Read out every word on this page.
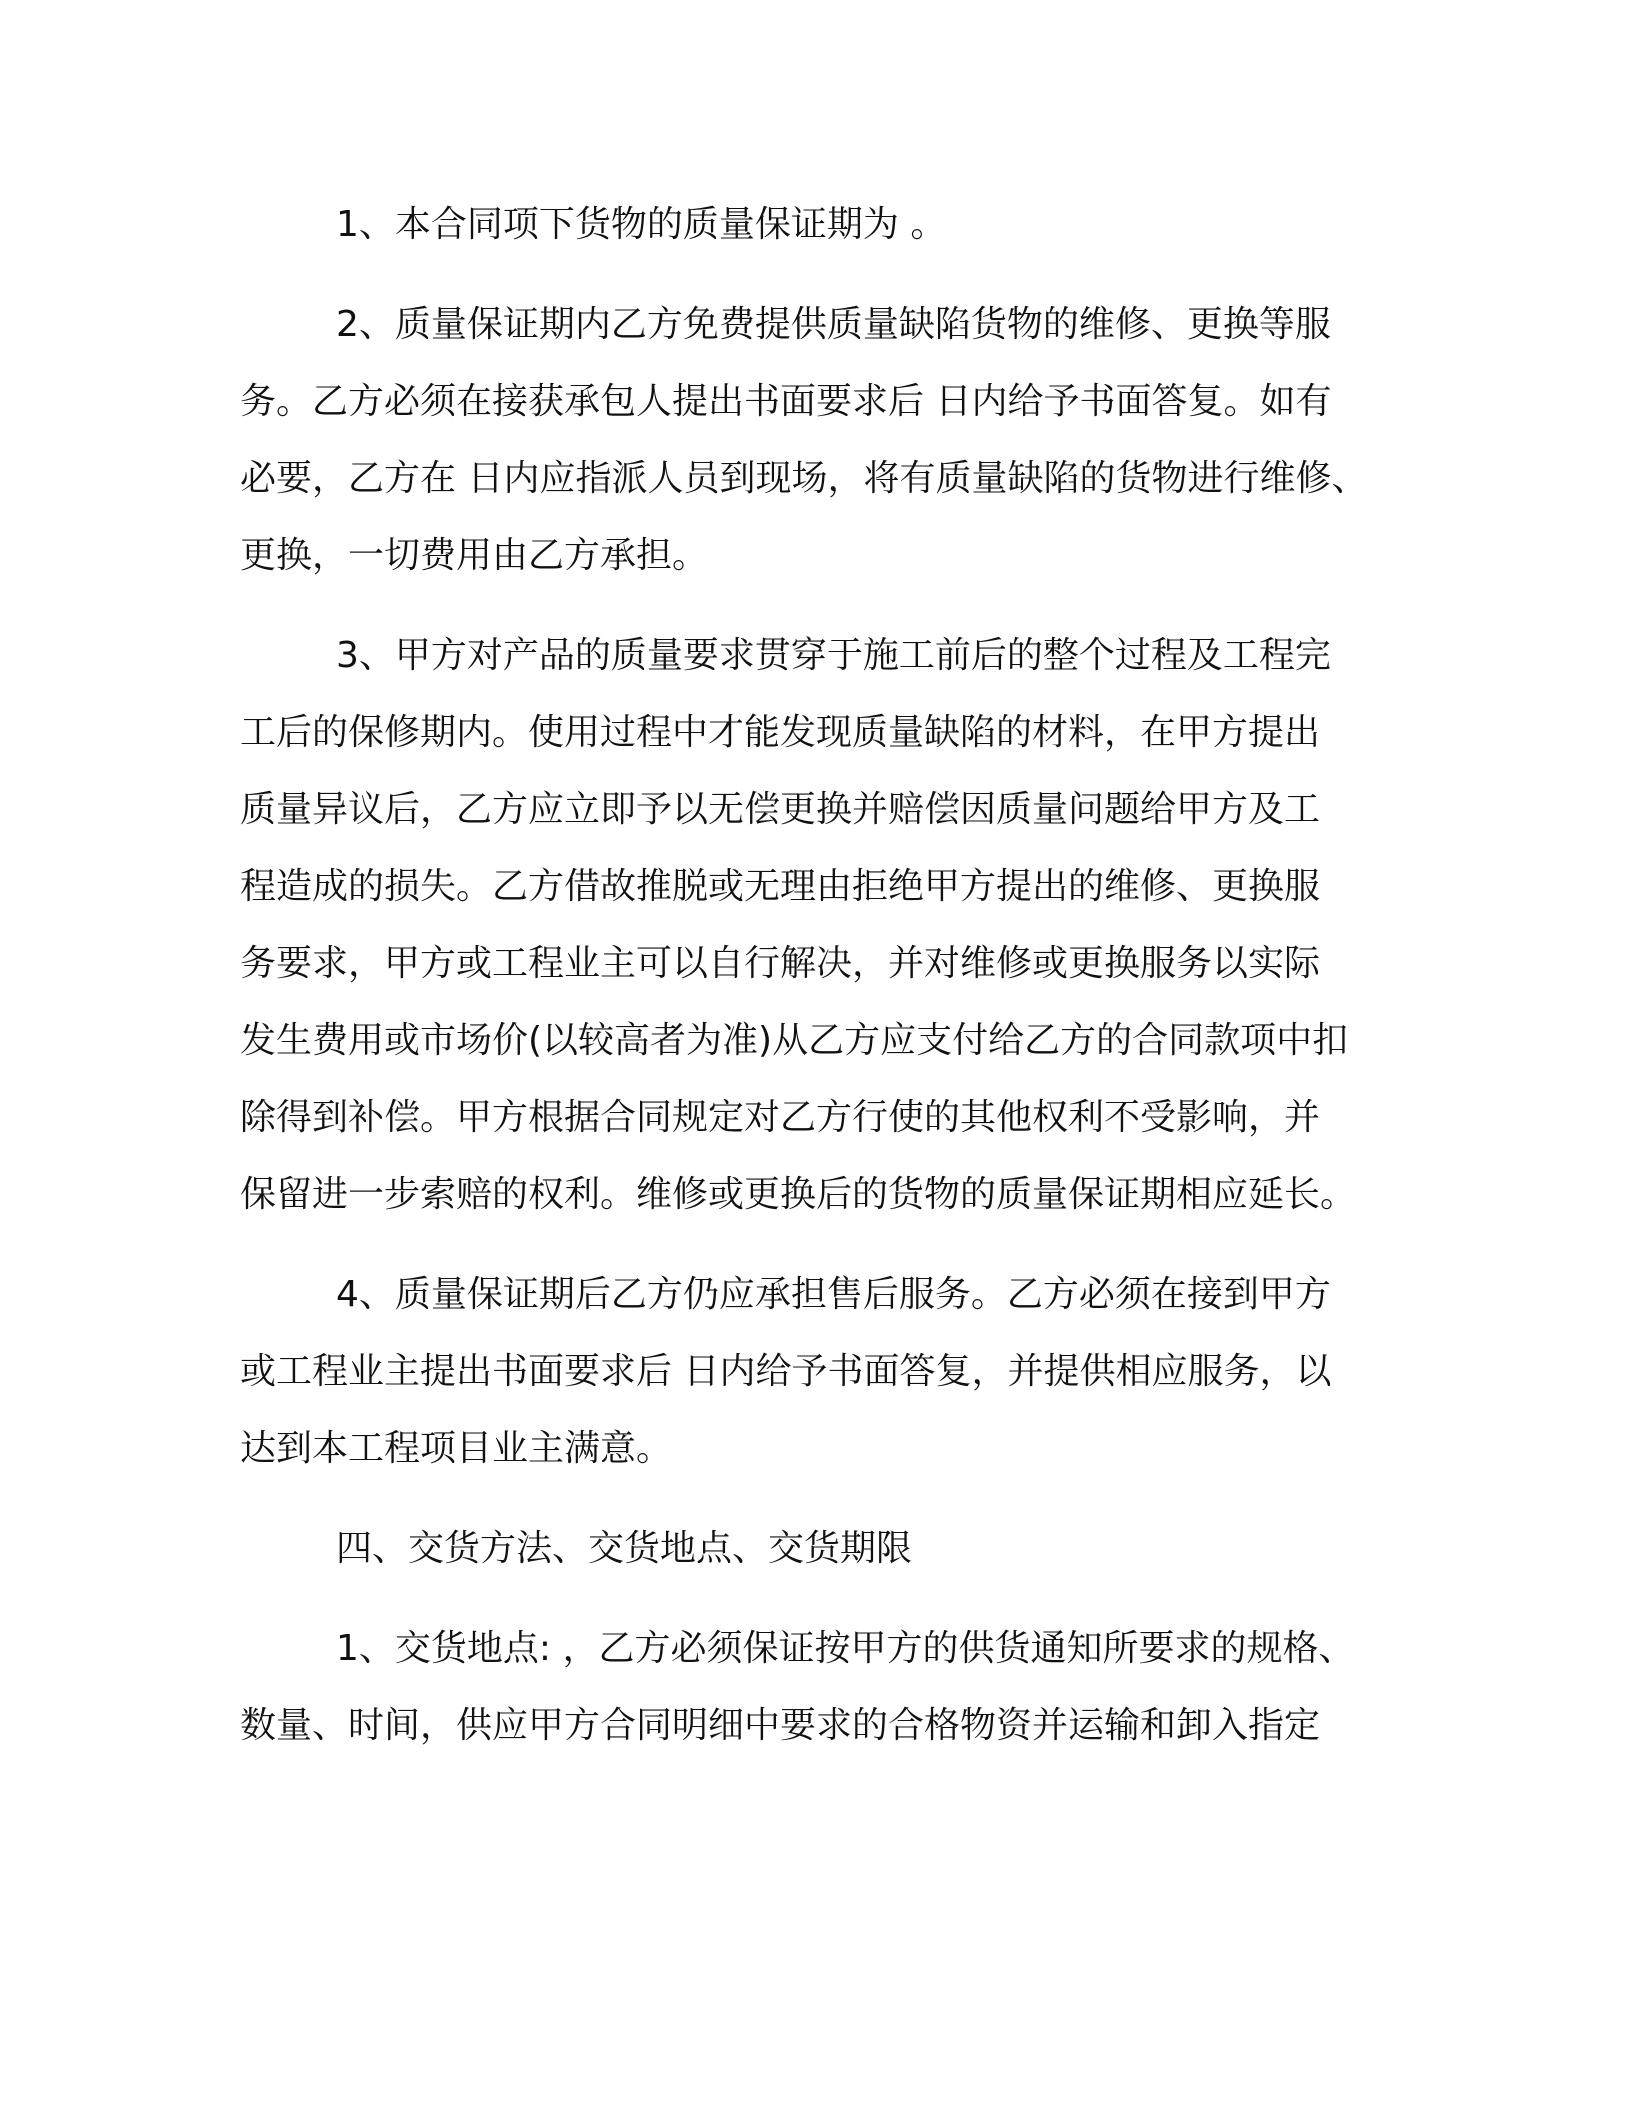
1、本合同项下货物的质量保证期为 。

2、质量保证期内乙方免费提供质量缺陷货物的维修、更换等服
务。乙方必须在接获承包人提出书面要求后 日内给予书面答复。如有
必要，乙方在 日内应指派人员到现场，将有质量缺陷的货物进行维修、
更换，一切费用由乙方承担。

3、甲方对产品的质量要求贯穿于施工前后的整个过程及工程完
工后的保修期内。使用过程中才能发现质量缺陷的材料，在甲方提出
质量异议后，乙方应立即予以无偿更换并赔偿因质量问题给甲方及工
程造成的损失。乙方借故推脱或无理由拒绝甲方提出的维修、更换服
务要求，甲方或工程业主可以自行解决，并对维修或更换服务以实际
发生费用或市场价(以较高者为准)从乙方应支付给乙方的合同款项中扣
除得到补偿。甲方根据合同规定对乙方行使的其他权利不受影响，并
保留进一步索赔的权利。维修或更换后的货物的质量保证期相应延长。

4、质量保证期后乙方仍应承担售后服务。乙方必须在接到甲方
或工程业主提出书面要求后 日内给予书面答复，并提供相应服务，以
达到本工程项目业主满意。

四、交货方法、交货地点、交货期限

1、交货地点: ，乙方必须保证按甲方的供货通知所要求的规格、
数量、时间，供应甲方合同明细中要求的合格物资并运输和卸入指定
